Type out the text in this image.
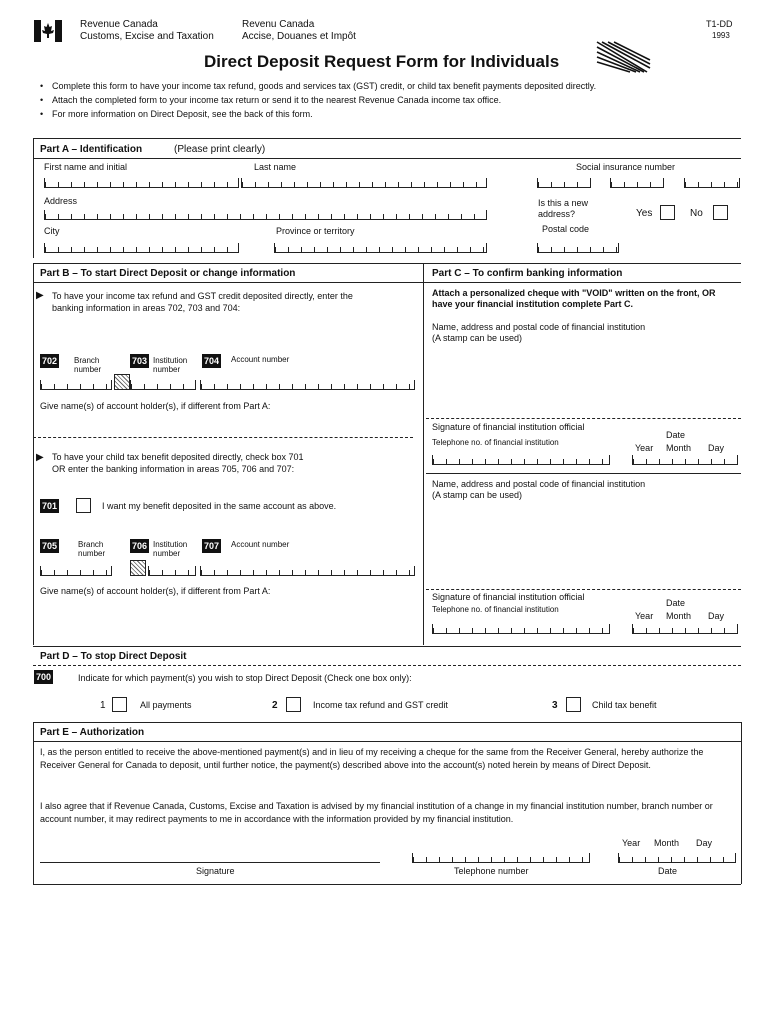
Revenue Canada
Customs, Excise and Taxation
Revenu Canada
Accise, Douanes et Impôt
T1-DD
1993
Direct Deposit Request Form for Individuals
• Complete this form to have your income tax refund, goods and services tax (GST) credit, or child tax benefit payments deposited directly.
• Attach the completed form to your income tax return or send it to the nearest Revenue Canada income tax office.
• For more information on Direct Deposit, see the back of this form.
Part A – Identification	(Please print clearly)
First name and initial	Last name	Social insurance number
Address	Is this a new address?	Yes	No
City	Province or territory	Postal code
Part B – To start Direct Deposit or change information	Part C – To confirm banking information
▶ To have your income tax refund and GST credit deposited directly, enter the banking information in areas 702, 703 and 704:
702 Branch number
703 Institution number
704 Account number
Give name(s) of account holder(s), if different from Part A:
▶ To have your child tax benefit deposited directly, check box 701
OR enter the banking information in areas 705, 706 and 707:
701	I want my benefit deposited in the same account as above.
705	Branch number
706 Institution number
707 Account number
Give name(s) of account holder(s), if different from Part A:
Attach a personalized cheque with "VOID" written on the front, OR have your financial institution complete Part C.
Name, address and postal code of financial institution
(A stamp can be used)
Signature of financial institution official
Telephone no. of financial institution
Date
Year Month Day
Name, address and postal code of financial institution
(A stamp can be used)
Signature of financial institution official
Telephone no. of financial institution
Date
Year Month Day
Part D – To stop Direct Deposit
700	Indicate for which payment(s) you wish to stop Direct Deposit (Check one box only):
1	All payments	2	Income tax refund and GST credit	3	Child tax benefit
Part E – Authorization
I, as the person entitled to receive the above-mentioned payment(s) and in lieu of my receiving a cheque for the same from the Receiver General, hereby authorize the Receiver General for Canada to deposit, until further notice, the payment(s) described above into the account(s) noted herein by means of Direct Deposit.
I also agree that if Revenue Canada, Customs, Excise and Taxation is advised by my financial institution of a change in my financial institution number, branch number or account number, it may redirect payments to me in accordance with the information provided by my financial institution.
Signature	Telephone number
Year Month Day
Date
